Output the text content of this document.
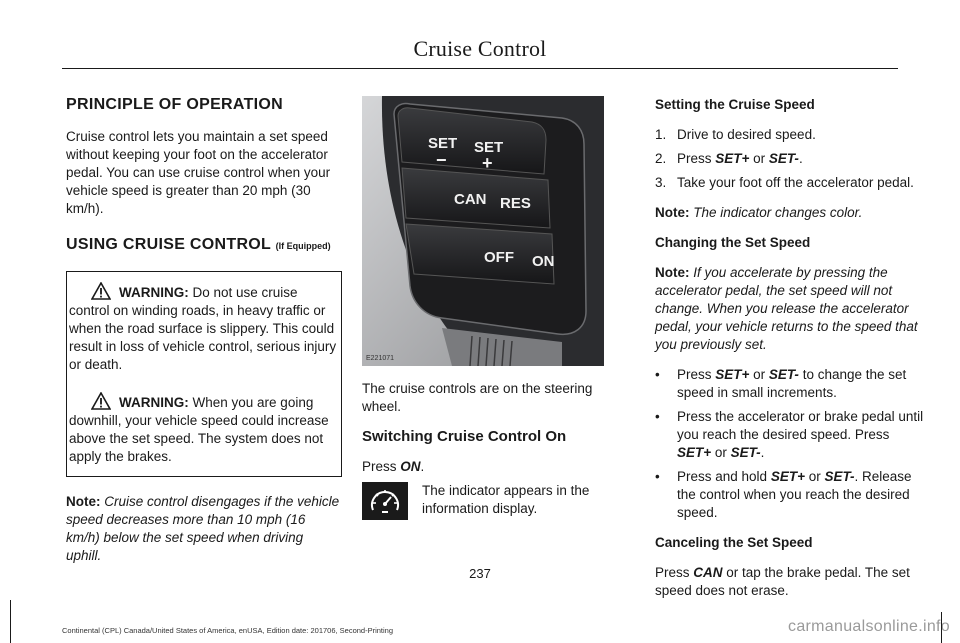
Cruise Control
PRINCIPLE OF OPERATION

Cruise control lets you maintain a set speed without keeping your foot on the accelerator pedal. You can use cruise control when your vehicle speed is greater than 20 mph (30 km/h).

USING CRUISE CONTROL (If Equipped)

WARNING: Do not use cruise control on winding roads, in heavy traffic or when the road surface is slippery. This could result in loss of vehicle control, serious injury or death.

WARNING: When you are going downhill, your vehicle speed could increase above the set speed. The system does not apply the brakes.

Note: Cruise control disengages if the vehicle speed decreases more than 10 mph (16 km/h) below the set speed when driving uphill.

SET
−
SET
+
CAN RES
OFF ON
E221071

The cruise controls are on the steering wheel.

Switching Cruise Control On

Press ON.

The indicator appears in the information display.
Setting the Cruise Speed
1. Drive to desired speed.
2. Press SET+ or SET-.
3. Take your foot off the accelerator pedal.

Note: The indicator changes color.

Changing the Set Speed

Note: If you accelerate by pressing the accelerator pedal, the set speed will not change. When you release the accelerator pedal, your vehicle returns to the speed that you previously set.

• Press SET+ or SET- to change the set speed in small increments.
• Press the accelerator or brake pedal until you reach the desired speed. Press SET+ or SET-.
• Press and hold SET+ or SET-. Release the control when you reach the desired speed.
Canceling the Set Speed

Press CAN or tap the brake pedal. The set speed does not erase.

237
Continental (CPL) Canada/United States of America, enUSA, Edition date: 201706, Second-Printing	carmanualsonline.info
